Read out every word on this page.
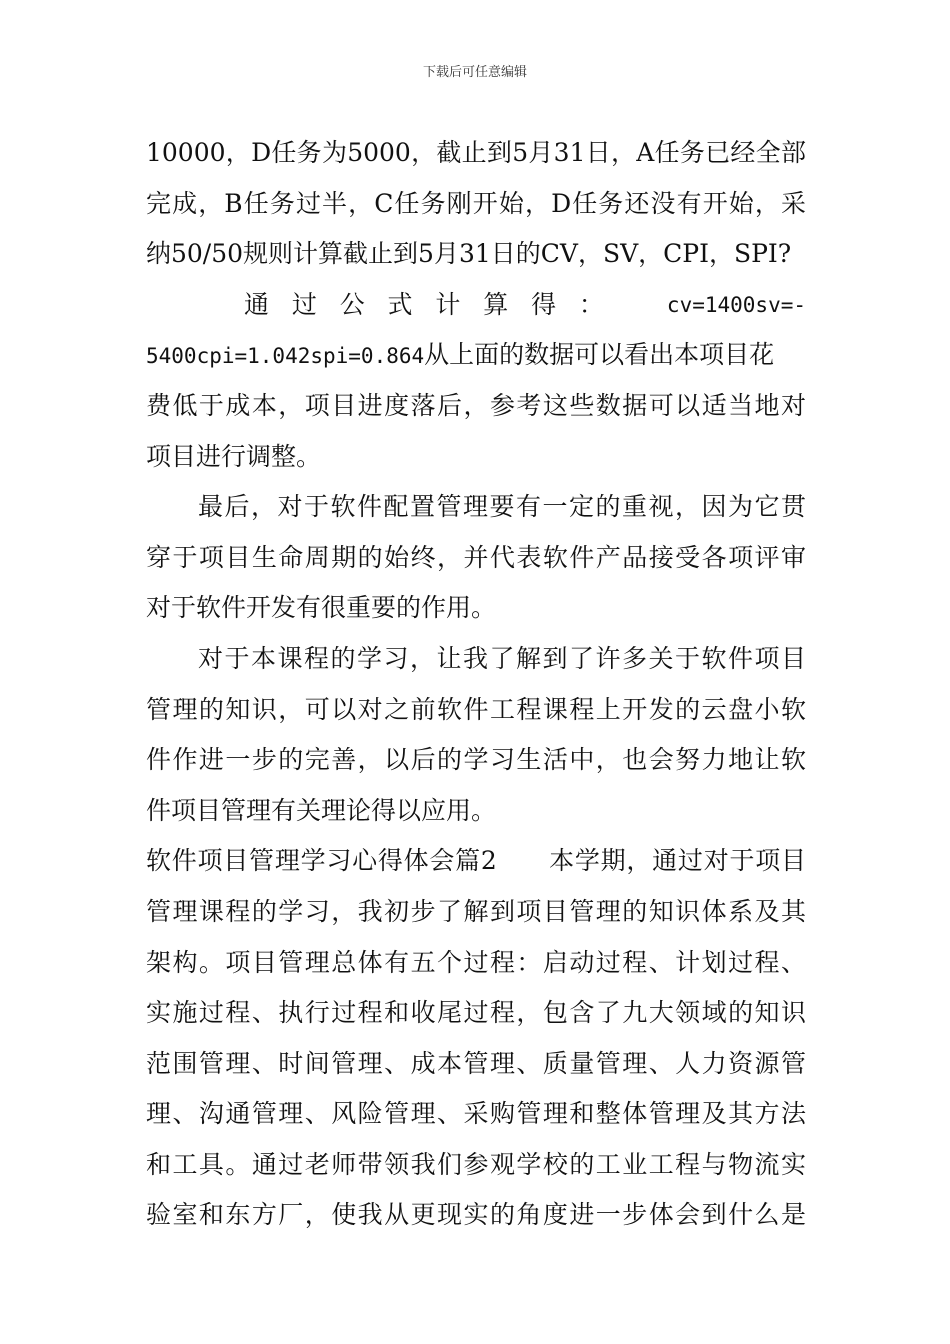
下载后可任意编辑
10000，D任务为5000，截止到5月31日，A任务已经全部
完成，B任务过半，C任务刚开始，D任务还没有开始，采
纳50/50规则计算截止到5月31日的CV，SV，CPI，SPI?
通 过 公 式 计 算 得 ：	cv=1400sv=-
5400cpi=1.042spi=0.864从上面的数据可以看出本项目花
费低于成本，项目进度落后，参考这些数据可以适当地对
项目进行调整。
最后，对于软件配置管理要有一定的重视，因为它贯
穿于项目生命周期的始终，并代表软件产品接受各项评审
对于软件开发有很重要的作用。
对于本课程的学习，让我了解到了许多关于软件项目
管理的知识，可以对之前软件工程课程上开发的云盘小软
件作进一步的完善，以后的学习生活中，也会努力地让软
件项目管理有关理论得以应用。
软件项目管理学习心得体会篇2　　本学期，通过对于项目
管理课程的学习，我初步了解到项目管理的知识体系及其
架构。项目管理总体有五个过程：启动过程、计划过程、
实施过程、执行过程和收尾过程，包含了九大领域的知识
范围管理、时间管理、成本管理、质量管理、人力资源管
理、沟通管理、风险管理、采购管理和整体管理及其方法
和工具。通过老师带领我们参观学校的工业工程与物流实
验室和东方厂，使我从更现实的角度进一步体会到什么是
